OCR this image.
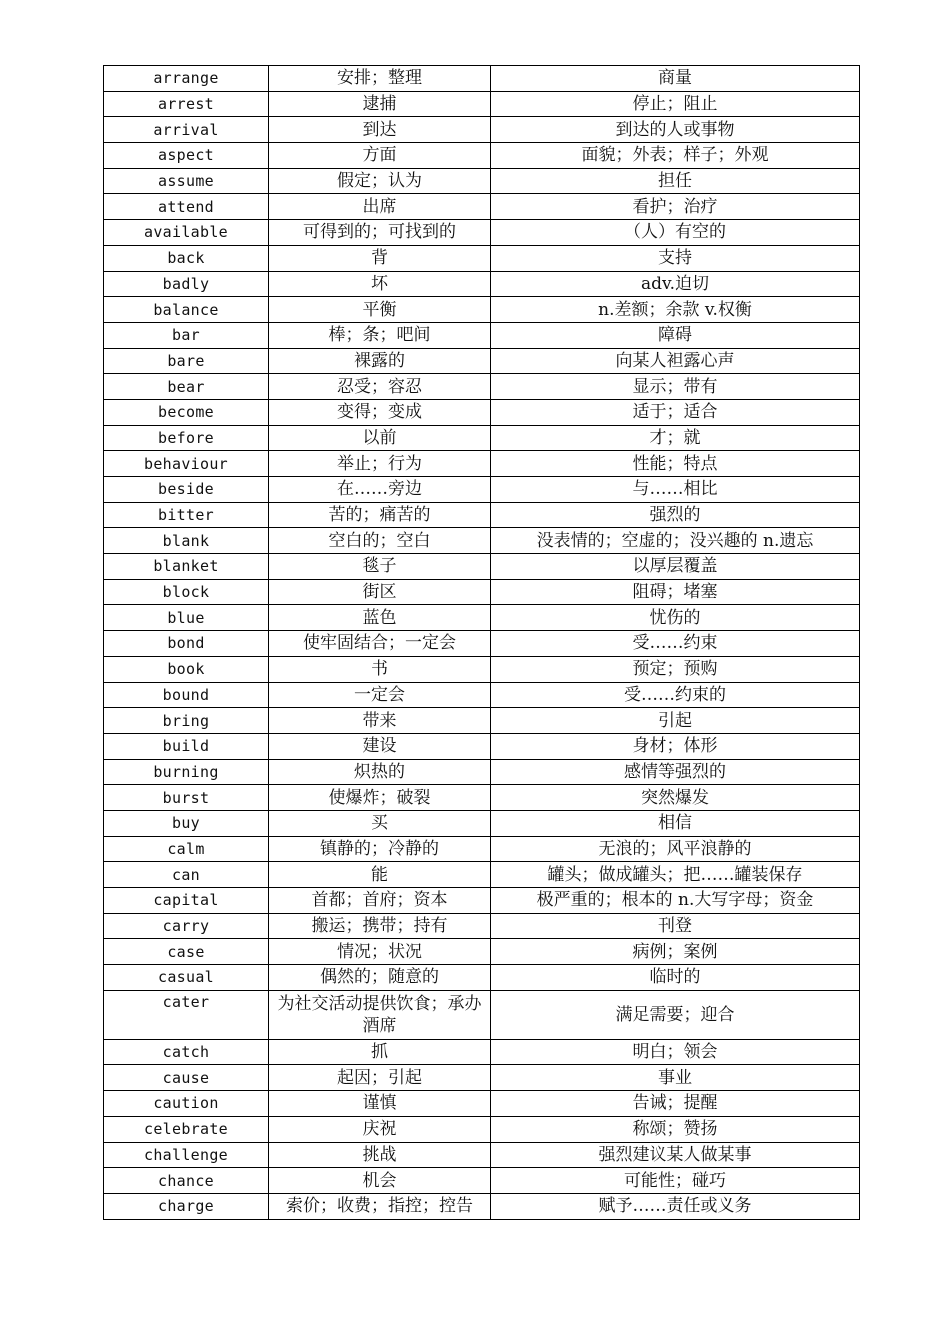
arrange	安排；整理	商量
arrest	逮捕	停止；阻止
arrival	到达	到达的人或事物
aspect	方面	面貌；外表；样子；外观
assume	假定；认为	担任
attend	出席	看护；治疗
available	可得到的；可找到的	（人）有空的
back	背	支持
badly	坏	adv.迫切
balance	平衡	n.差额；余款 v.权衡
bar	棒；条；吧间	障碍
bare	裸露的	向某人袒露心声
bear	忍受；容忍	显示；带有
become	变得；变成	适于；适合
before	以前	才；就
behaviour	举止；行为	性能；特点
beside	在……旁边	与……相比
bitter	苦的；痛苦的	强烈的
blank	空白的；空白	没表情的；空虚的；没兴趣的 n.遗忘
blanket	毯子	以厚层覆盖
block	街区	阻碍；堵塞
blue	蓝色	忧伤的
bond	使牢固结合；一定会	受……约束
book	书	预定；预购
bound	一定会	受……约束的
bring	带来	引起
build	建设	身材；体形
burning	炽热的	感情等强烈的
burst	使爆炸；破裂	突然爆发
buy	买	相信
calm	镇静的；冷静的	无浪的；风平浪静的
can	能	罐头；做成罐头；把……罐装保存
capital	首都；首府；资本	极严重的；根本的 n.大写字母；资金
carry	搬运；携带；持有	刊登
case	情况；状况	病例；案例
casual	偶然的；随意的	临时的
cater	为社交活动提供饮食；承办酒席	满足需要；迎合
catch	抓	明白；领会
cause	起因；引起	事业
caution	谨慎	告诫；提醒
celebrate	庆祝	称颂；赞扬
challenge	挑战	强烈建议某人做某事
chance	机会	可能性；碰巧
charge	索价；收费；指控；控告	赋予……责任或义务
